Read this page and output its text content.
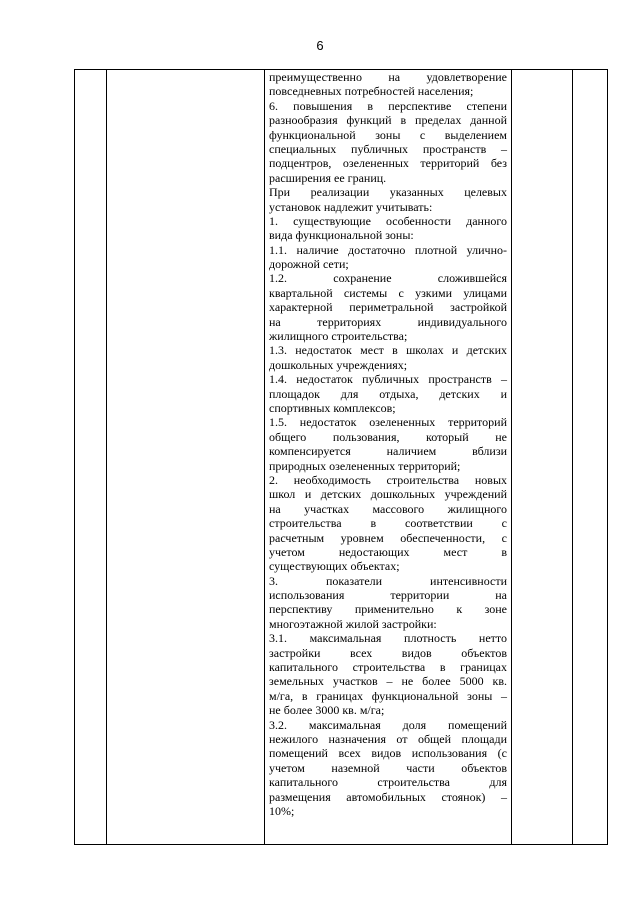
6

преимущественно на удовлетворение
повседневных потребностей населения;
6. повышения в перспективе степени
разнообразия функций в пределах данной
функциональной зоны с выделением
специальных публичных пространств –
подцентров, озелененных территорий без
расширения ее границ.
При реализации указанных целевых
установок надлежит учитывать:
1. существующие особенности данного
вида функциональной зоны:
1.1. наличие достаточно плотной улично-
дорожной сети;
1.2. сохранение сложившейся
квартальной системы с узкими улицами
характерной периметральной застройкой
на территориях индивидуального
жилищного строительства;
1.3. недостаток мест в школах и детских
дошкольных учреждениях;
1.4. недостаток публичных пространств –
площадок для отдыха, детских и
спортивных комплексов;
1.5. недостаток озелененных территорий
общего пользования, который не
компенсируется наличием вблизи
природных озелененных территорий;
2. необходимость строительства новых
школ и детских дошкольных учреждений
на участках массового жилищного
строительства в соответствии с
расчетным уровнем обеспеченности, с
учетом недостающих мест в
существующих объектах;
3. показатели интенсивности
использования территории на
перспективу применительно к зоне
многоэтажной жилой застройки:
3.1. максимальная плотность нетто
застройки всех видов объектов
капитального строительства в границах
земельных участков – не более 5000 кв.
м/га, в границах функциональной зоны –
не более 3000 кв. м/га;
3.2. максимальная доля помещений
нежилого назначения от общей площади
помещений всех видов использования (с
учетом наземной части объектов
капитального строительства для
размещения автомобильных стоянок) –
10%;
